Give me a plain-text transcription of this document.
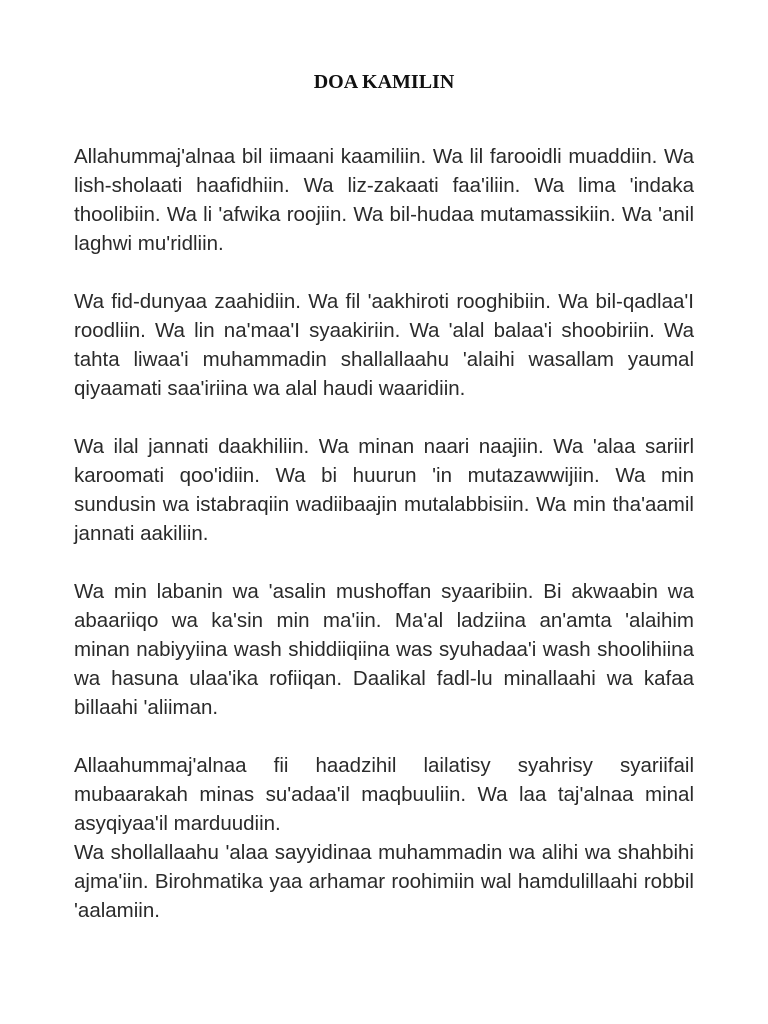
DOA KAMILIN

Allahummaj'alnaa bil iimaani kaamiliin. Wa lil farooidli muaddiin. Wa lish-sholaati haafidhiin. Wa liz-zakaati faa'iliin. Wa lima 'indaka thoolibiin. Wa li 'afwika roojiin. Wa bil-hudaa mutamassikiin. Wa 'anil laghwi mu'ridliin.

Wa fid-dunyaa zaahidiin. Wa fil 'aakhiroti rooghibiin. Wa bil-qadlaa'I roodliin. Wa lin na'maa'I syaakiriin. Wa 'alal balaa'i shoobiriin. Wa tahta liwaa'i muhammadin shallallaahu 'alaihi wasallam yaumal qiyaamati saa'iriina wa alal haudi waaridiin.

Wa ilal jannati daakhiliin. Wa minan naari naajiin. Wa 'alaa sariirl karoomati qoo'idiin. Wa bi huurun 'in mutazawwijiin. Wa min sundusin wa istabraqiin wadiibaajin mutalabbisiin. Wa min tha'aamil jannati aakiliin.

Wa min labanin wa 'asalin mushoffan syaaribiin. Bi akwaabin wa abaariiqo wa ka'sin min ma'iin. Ma'al ladziina an'amta 'alaihim minan nabiyyiina wash shiddiiqiina was syuhadaa'i wash shoolihiina wa hasuna ulaa'ika rofiiqan. Daalikal fadl-lu minallaahi wa kafaa billaahi 'aliiman.

Allaahummaj'alnaa fii haadzihil lailatisy syahrisy syariifail mubaarakah minas su'adaa'il maqbuuliin. Wa laa taj'alnaa minal asyqiyaa'il marduudiin.

Wa shollallaahu 'alaa sayyidinaa muhammadin wa alihi wa shahbihi ajma'iin. Birohmatika yaa arhamar roohimiin wal hamdulillaahi robbil 'aalamiin.
